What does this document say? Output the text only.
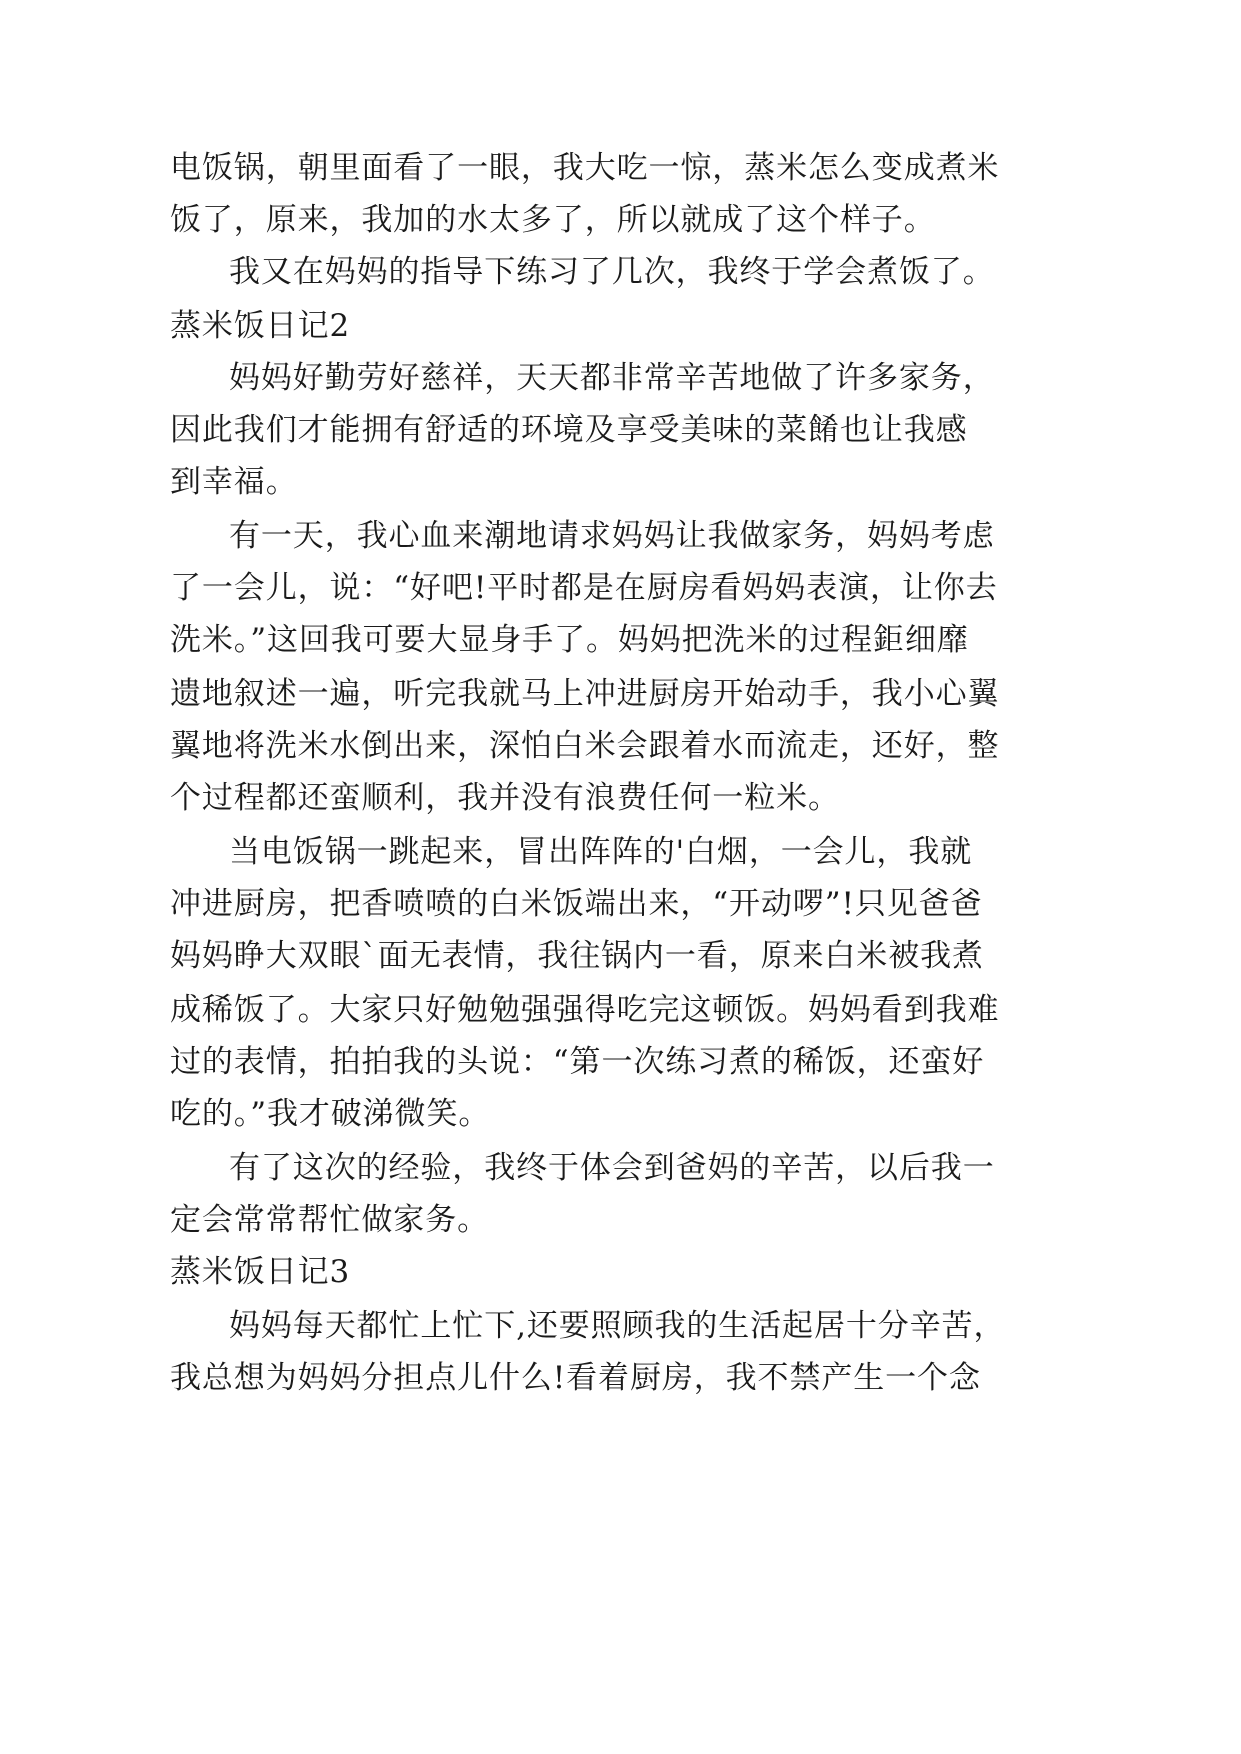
电饭锅，朝里面看了一眼，我大吃一惊，蒸米怎么变成煮米
饭了，原来，我加的水太多了，所以就成了这个样子。
我又在妈妈的指导下练习了几次，我终于学会煮饭了。
蒸米饭日记2
妈妈好勤劳好慈祥，天天都非常辛苦地做了许多家务，
因此我们才能拥有舒适的环境及享受美味的菜餚也让我感
到幸福。
有一天，我心血来潮地请求妈妈让我做家务，妈妈考虑
了一会儿，说：“好吧!平时都是在厨房看妈妈表演，让你去
洗米。”这回我可要大显身手了。妈妈把洗米的过程鉅细靡
遗地叙述一遍，听完我就马上冲进厨房开始动手，我小心翼
翼地将洗米水倒出来，深怕白米会跟着水而流走，还好，整
个过程都还蛮顺利，我并没有浪费任何一粒米。
当电饭锅一跳起来，冒出阵阵的'白烟，一会儿，我就
冲进厨房，把香喷喷的白米饭端出来，“开动啰”!只见爸爸
妈妈睁大双眼`面无表情，我往锅内一看，原来白米被我煮
成稀饭了。大家只好勉勉强强得吃完这顿饭。妈妈看到我难
过的表情，拍拍我的头说：“第一次练习煮的稀饭，还蛮好
吃的。”我才破涕微笑。
有了这次的经验，我终于体会到爸妈的辛苦，以后我一
定会常常帮忙做家务。
蒸米饭日记3
妈妈每天都忙上忙下,还要照顾我的生活起居十分辛苦，
我总想为妈妈分担点儿什么!看着厨房，我不禁产生一个念
